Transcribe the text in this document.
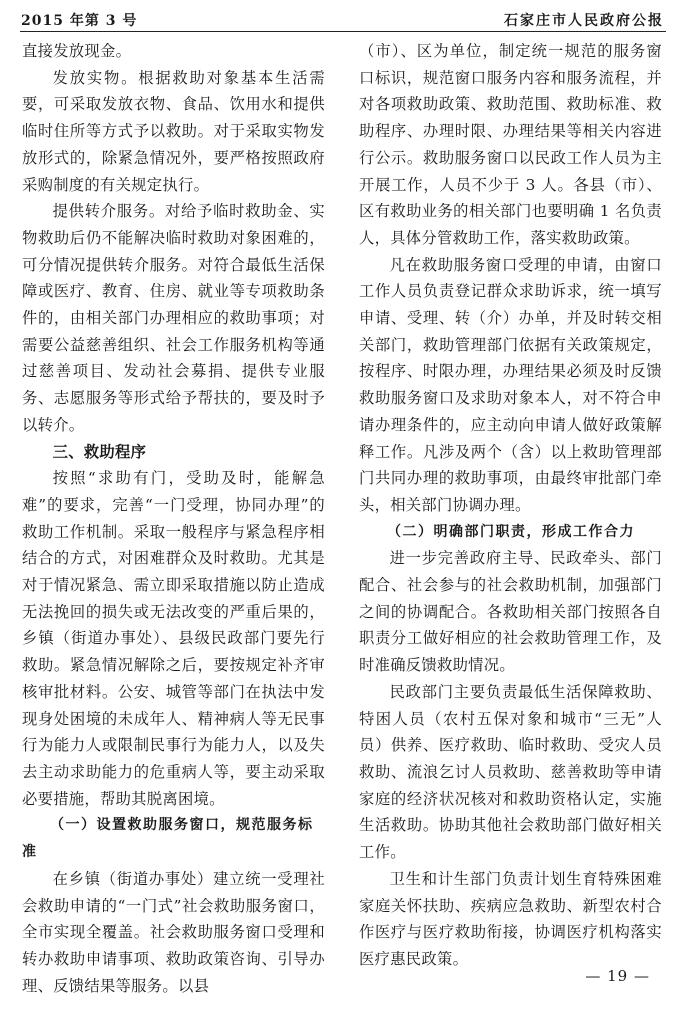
2015 年第 3 号	石家庄市人民政府公报

直接发放现金。

发放实物。根据救助对象基本生活需要，可采取发放衣物、食品、饮用水和提供临时住所等方式予以救助。对于采取实物发放形式的，除紧急情况外，要严格按照政府采购制度的有关规定执行。

提供转介服务。对给予临时救助金、实物救助后仍不能解决临时救助对象困难的，可分情况提供转介服务。对符合最低生活保障或医疗、教育、住房、就业等专项救助条件的，由相关部门办理相应的救助事项；对需要公益慈善组织、社会工作服务机构等通过慈善项目、发动社会募捐、提供专业服务、志愿服务等形式给予帮扶的，要及时予以转介。

三、救助程序

按照“求助有门，受助及时，能解急难”的要求，完善“一门受理，协同办理”的救助工作机制。采取一般程序与紧急程序相结合的方式，对困难群众及时救助。尤其是对于情况紧急、需立即采取措施以防止造成无法挽回的损失或无法改变的严重后果的，乡镇（街道办事处）、县级民政部门要先行救助。紧急情况解除之后，要按规定补齐审核审批材料。公安、城管等部门在执法中发现身处困境的未成年人、精神病人等无民事行为能力人或限制民事行为能力人，以及失去主动求助能力的危重病人等，要主动采取必要措施，帮助其脱离困境。

（一）设置救助服务窗口，规范服务标准

在乡镇（街道办事处）建立统一受理社会救助申请的“一门式”社会救助服务窗口，全市实现全覆盖。社会救助服务窗口受理和转办救助申请事项、救助政策咨询、引导办理、反馈结果等服务。以县

（市）、区为单位，制定统一规范的服务窗口标识，规范窗口服务内容和服务流程，并对各项救助政策、救助范围、救助标准、救助程序、办理时限、办理结果等相关内容进行公示。救助服务窗口以民政工作人员为主开展工作，人员不少于 3 人。各县（市）、区有救助业务的相关部门也要明确 1 名负责人，具体分管救助工作，落实救助政策。

凡在救助服务窗口受理的申请，由窗口工作人员负责登记群众求助诉求，统一填写申请、受理、转（介）办单，并及时转交相关部门，救助管理部门依据有关政策规定，按程序、时限办理，办理结果必须及时反馈救助服务窗口及求助对象本人，对不符合申请办理条件的，应主动向申请人做好政策解释工作。凡涉及两个（含）以上救助管理部门共同办理的救助事项，由最终审批部门牵头，相关部门协调办理。

（二）明确部门职责，形成工作合力

进一步完善政府主导、民政牵头、部门配合、社会参与的社会救助机制，加强部门之间的协调配合。各救助相关部门按照各自职责分工做好相应的社会救助管理工作，及时准确反馈救助情况。

民政部门主要负责最低生活保障救助、特困人员（农村五保对象和城市“三无”人员）供养、医疗救助、临时救助、受灾人员救助、流浪乞讨人员救助、慈善救助等申请家庭的经济状况核对和救助资格认定，实施生活救助。协助其他社会救助部门做好相关工作。

卫生和计生部门负责计划生育特殊困难家庭关怀扶助、疾病应急救助、新型农村合作医疗与医疗救助衔接，协调医疗机构落实医疗惠民政策。

— 19 —
